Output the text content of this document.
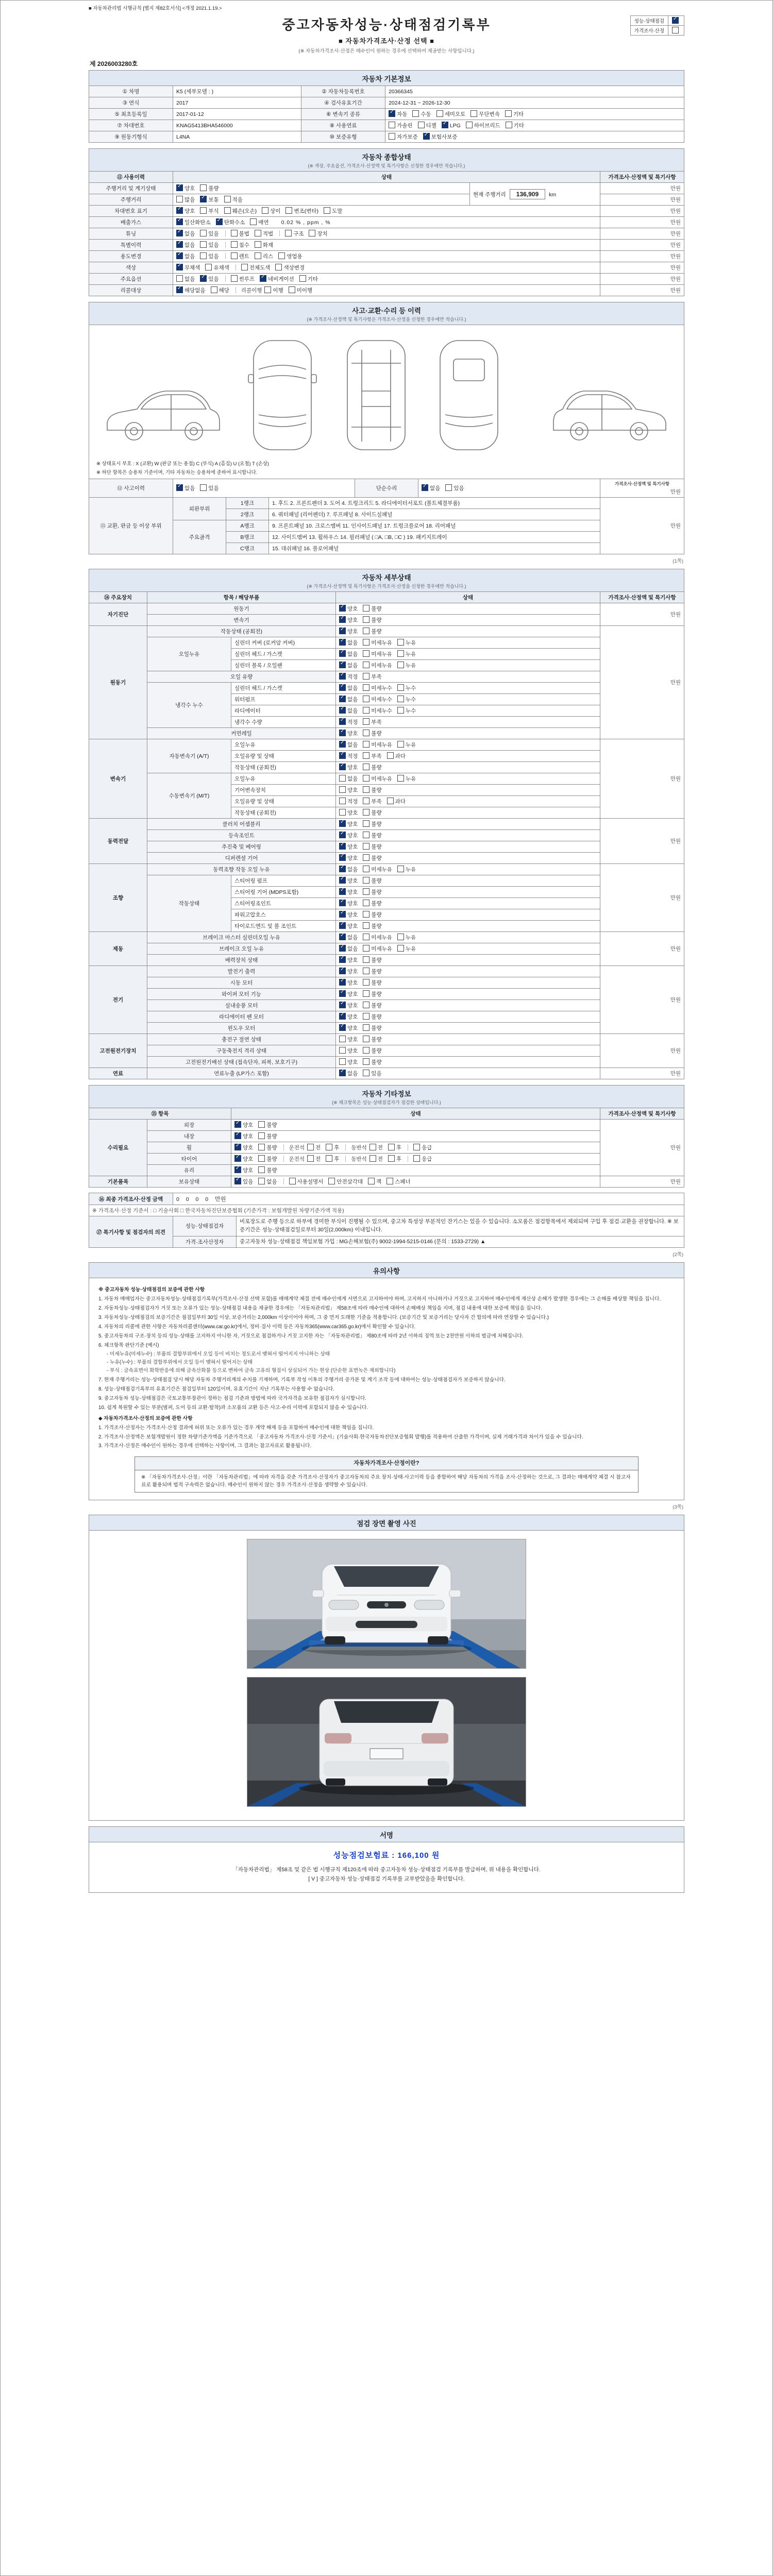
■ 자동차관리법 시행규칙 [별지 제82호서식] <개정 2021.1.19.>
중고자동차성능·상태점검기록부
■ 자동차가격조사·산정 선택 ■
(※ 자동차가격조사·산정은 매수인이 원하는 경우에 선택하여 제공받는 사항입니다.)
성능·상태점검	✓
가격조사·산정	
제 2026003280호
자동차 기본정보
① 차명	K5 (세부모델 : )	② 자동차등록번호	20366345
③ 연식	2017	④ 검사유효기간	2024-12-31 ~ 2026-12-30
⑤ 최초등록일	2017-01-12	⑥ 변속기 종류	✓자동 수동 세미오토 무단변속 기타
⑦ 차대번호	KNAG5413BHA546000	⑧ 사용연료	가솔린 디젤 ✓ LPG 하이브리드 기타
⑨ 원동기형식	L4NA	⑩ 보증유형	자가보증 ✓ 보험사보증
자동차 종합상태
(※ 색상, 주요옵션, 가격조사·산정액 및 특기사항은 신청한 경우에만 적습니다.)
⑪ 사용이력	상태		가격조사·산정액 및 특기사항
주행거리 및 계기상태	✓양호 불량	현재 주행거리 136,909 km	만원
주행거리	많음 ✓ 보통 적음		만원
차대번호 표기	✓양호 부식 훼손(오손) 상이 변조(변타) 도말		만원
배출가스	✓일산화탄소 ✓ 탄화수소 매연 0.02 % , ppm , %		만원
튜닝	✓없음 있음 불법 적법 구조 장치		만원
특별이력	✓없음 있음 침수 화재		만원
용도변경	✓없음 있음 렌트 리스 영업용		만원
색상	✓무채색 유채색 전체도색 색상변경		만원
주요옵션	없음 ✓ 있음 썬루프 ✓ 네비게이션 기타		만원
리콜대상	✓해당없음 해당 리콜이행 이행 미이행		만원
사고·교환·수리 등 이력
(※ 가격조사·산정액 및 특기사항은 가격조사·산정을 신청한 경우에만 적습니다.)
※ 상태표시 부호 : X (교환) W (판금 또는 용접) C (부식) A (흠집) U (요철) T (손상)
※ 하단 항목은 승용차 기준이며, 기타 자동차는 승용차에 준하여 표시합니다.
⑫ 사고이력	✓없음 있음	단순수리	✓없음 있음	
가격조사·산정액 및 특기사항
만원
⑬ 교환, 판금 등 이상 부위	외판부위	1랭크	1. 후드 2. 프론트펜더 3. 도어 4. 트렁크리드 5. 라디에이터서포트 (볼트체결부품)	만원
		2랭크	6. 쿼터패널 (리어펜더) 7. 루프패널 8. 사이드실패널	
	주요골격	A랭크	9. 프론트패널 10. 크로스멤버 11. 인사이드패널 17. 트렁크플로어 18. 리어패널	
		B랭크	12. 사이드멤버 13. 휠하우스 14. 필러패널 ( □A, □B, □C ) 19. 패키지트레이	
		C랭크	15. 대쉬패널 16. 플로어패널	
(1쪽)
자동차 세부상태
(※ 가격조사·산정액 및 특기사항은 가격조사·산정을 신청한 경우에만 적습니다.)
⑭ 주요장치	항목 / 해당부품		상태	가격조사·산정액 및 특기사항
자기진단	원동기	✓양호 불량	만원
	변속기	✓양호 불량
원동기	작동상태 (공회전)	✓양호 불량	만원
	오일누유	실린더 커버 (로커암 커버)	✓없음 미세누유 누유
		실린더 헤드 / 가스켓	✓없음 미세누유 누유
		실린더 블록 / 오일팬	✓없음 미세누유 누유
	오일 유량	✓적정 부족
	냉각수 누수	실린더 헤드 / 가스켓	✓없음 미세누수 누수
		워터펌프	✓없음 미세누수 누수
		라디에이터	✓없음 미세누수 누수
		냉각수 수량	✓적정 부족
	커먼레일	✓양호 불량
변속기	자동변속기 (A/T)	오일누유	✓없음 미세누유 누유	만원
		오일유량 및 상태	✓적정 부족 과다
		작동상태 (공회전)	✓양호 불량
	수동변속기 (M/T)	오일누유	없음 미세누유 누유	
		기어변속장치	양호 불량	
		오일유량 및 상태	적정 부족 과다	
		작동상태 (공회전)	양호 불량	
동력전달	클러치 어셈블리	✓양호 불량	만원
	등속조인트	✓양호 불량
	추진축 및 베어링	✓양호 불량
	디퍼렌셜 기어	✓양호 불량
조향	동력조향 작동 오일 누유	✓없음 미세누유 누유	만원
	작동상태	스티어링 펌프	✓양호 불량
		스티어링 기어 (MDPS포함)	✓양호 불량
		스티어링조인트	✓양호 불량
		파워고압호스	✓양호 불량
		타이로드엔드 및 볼 조인트	✓양호 불량
제동	브레이크 마스터 실린더오일 누유	✓없음 미세누유 누유	만원
	브레이크 오일 누유	✓없음 미세누유 누유
	배력장치 상태	✓양호 불량
전기	발전기 출력	✓양호 불량	만원
	시동 모터	✓양호 불량
	와이퍼 모터 기능	✓양호 불량
	실내송풍 모터	✓양호 불량
	라디에이터 팬 모터	✓양호 불량
	윈도우 모터	✓양호 불량
고전원전기장치	충전구 절연 상태		양호 불량	만원
	구동축전지 격리 상태		양호 불량	
	고전원전기배선 상태 (접속단자, 피복, 보호기구)		양호 불량	
연료	연료누출 (LP가스 포함)	✓없음 있음	만원
자동차 기타정보
(※ 체크항목은 성능·상태점검자가 점검한 상태입니다.)
⑮ 항목		상태	가격조사·산정액 및 특기사항
수리필요	외장	✓양호 불량	만원
	내장	✓양호 불량
	휠	✓양호 불량 운전석 전 후 동반석 전 후 응급
	타이어	✓양호 불량 운전석 전 후 동반석 전 후 응급
	유리	✓양호 불량
기본품목	보유상태	✓있음 없음 사용설명서 안전삼각대 잭 스패너	만원
⑯ 최종 가격조사·산정 금액	0 0 0 0 만원
※ 가격조사·산정 기준서 : □ 기술사회 □ 한국자동차진단보증협회 (기준가격 : 보험개발원 차량기준가액 적용)
⑰ 특기사항 및 점검자의 의견	성능·상태점검자	비포장도로 주행 등으로 하부에 경미한 부식이 진행될 수 있으며, 중고차 특성상 부분적인 잔기스는 있을 수 있습니다. 소모품은 점검항목에서 제외되며 구입 후 점검·교환을 권장합니다. ※ 보증기간은 성능·상태점검일로부터 30일(2,000km) 이내입니다.
	가격·조사산정자	중고자동차 성능·상태점검 책임보험 가입 : MG손해보험(주) 9002-1994-5215-0146 (문의 : 1533-2729) ▲
(2쪽)
유의사항
※ 중고자동차 성능·상태점검의 보증에 관한 사항
1. 자동차 매매업자는 중고자동차성능·상태점검기록부(가격조사·산정 선택 포함)를 매매계약 체결 전에 매수인에게 서면으로 고지하여야 하며, 고지하지 아니하거나 거짓으로 고지하여 매수인에게 재산상 손해가 발생한 경우에는 그 손해를 배상할 책임을 집니다.
2. 자동차성능·상태점검자가 거짓 또는 오류가 있는 성능·상태점검 내용을 제공한 경우에는 「자동차관리법」 제58조에 따라 매수인에 대하여 손해배상 책임을 지며, 점검 내용에 대한 보증에 책임을 집니다.
3. 자동차성능·상태점검의 보증기간은 점검일부터 30일 이상, 보증거리는 2,000km 이상이어야 하며, 그 중 먼저 도래한 기준을 적용합니다. (보증기간 및 보증거리는 당사자 간 합의에 따라 연장할 수 있습니다.)
4. 자동차의 리콜에 관한 사항은 자동차리콜센터(www.car.go.kr)에서, 정비·검사 이력 등은 자동차365(www.car365.go.kr)에서 확인할 수 있습니다.
5. 중고자동차의 구조·장치 등의 성능·상태를 고지하지 아니한 자, 거짓으로 점검하거나 거짓 고지한 자는 「자동차관리법」 제80조에 따라 2년 이하의 징역 또는 2천만원 이하의 벌금에 처해집니다.
6. 체크항목 판단기준 (예시)
- 미세누유(미세누수) : 부품의 결합부위에서 오일 등이 비치는 정도로서 맺혀서 떨어지지 아니하는 상태
- 누유(누수) : 부품의 결합부위에서 오일 등이 맺혀서 떨어지는 상태
- 부식 : 금속표면이 화학반응에 의해 금속산화물 등으로 변하여 금속 고유의 형질이 상실되어 가는 현상 (단순한 표면녹은 제외합니다)
7. 현재 주행거리는 성능·상태점검 당시 해당 자동차 주행거리계의 수치를 기재하며, 기록부 작성 이후의 주행거리 증가분 및 계기 조작 등에 대하여는 성능·상태점검자가 보증하지 않습니다.
8. 성능·상태점검기록부의 유효기간은 점검일부터 120일이며, 유효기간이 지난 기록부는 사용할 수 없습니다.
9. 중고자동차 성능·상태점검은 국토교통부장관이 정하는 점검 기준과 방법에 따라 국가자격을 보유한 점검자가 실시합니다.
10. 쉽게 복원할 수 있는 부분(범퍼, 도어 등의 교환·탈착)과 소모품의 교환 등은 사고·수리 이력에 포함되지 않을 수 있습니다.
◆ 자동차가격조사·산정의 보증에 관한 사항
1. 가격조사·산정자는 가격조사·산정 결과에 허위 또는 오류가 있는 경우 계약 해제 등을 포함하여 매수인에 대한 책임을 집니다.
2. 가격조사·산정액은 보험개발원이 정한 차량기준가액을 기준가격으로 「중고자동차 가격조사·산정 기준서」(기술사회·한국자동차진단보증협회 발행)를 적용하여 산출한 가격이며, 실제 거래가격과 차이가 있을 수 있습니다.
3. 가격조사·산정은 매수인이 원하는 경우에 선택하는 사항이며, 그 결과는 참고자료로 활용됩니다.
자동차가격조사·산정이란?
※ 「자동차가격조사·산정」이란 「자동차관리법」에 따라 자격을 갖춘 가격조사·산정자가 중고자동차의 주요 장치·상태·사고이력 등을 종합하여 해당 자동차의 가격을 조사·산정하는 것으로, 그 결과는 매매계약 체결 시 참고자료로 활용되며 법적 구속력은 없습니다. 매수인이 원하지 않는 경우 가격조사·산정을 생략할 수 있습니다.
(3쪽)
점검 장면 촬영 사진
서명
성능점검보험료 : 166,100 원
「자동차관리법」 제58조 및 같은 법 시행규칙 제120조에 따라 중고자동차 성능·상태점검 기록부를 발급하며, 위 내용을 확인합니다.
[ V ] 중고자동차 성능·상태점검 기록부를 교부받았음을 확인합니다.
